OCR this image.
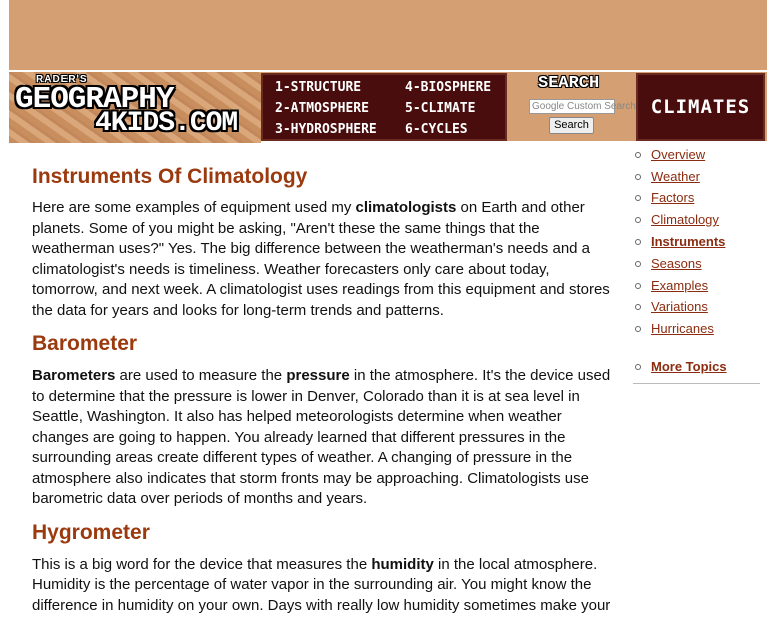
RADER'S
GEOGRAPHY
4KIDS.COM
1-STRUCTURE	4-BIOSPHERE
2-ATMOSPHERE	5-CLIMATE
3-HYDROSPHERE	6-CYCLES
SEARCH
Google Custom Search
Search
CLIMATES
Instruments Of Climatology

Here are some examples of equipment used my climatologists on Earth and other planets. Some of you might be asking, "Aren't these the same things that the weatherman uses?" Yes. The big difference between the weatherman's needs and a climatologist's needs is timeliness. Weather forecasters only care about today, tomorrow, and next week. A climatologist uses readings from this equipment and stores the data for years and looks for long-term trends and patterns.

Barometer

Barometers are used to measure the pressure in the atmosphere. It's the device used to determine that the pressure is lower in Denver, Colorado than it is at sea level in Seattle, Washington. It also has helped meteorologists determine when weather changes are going to happen. You already learned that different pressures in the surrounding areas create different types of weather. A changing of pressure in the atmosphere also indicates that storm fronts may be approaching. Climatologists use barometric data over periods of months and years.

Hygrometer

This is a big word for the device that measures the humidity in the local atmosphere. Humidity is the percentage of water vapor in the surrounding air. You might know the difference in humidity on your own. Days with really low humidity sometimes make your

Overview
Weather
Factors
Climatology
Instruments
Seasons
Examples
Variations
Hurricanes
More Topics
